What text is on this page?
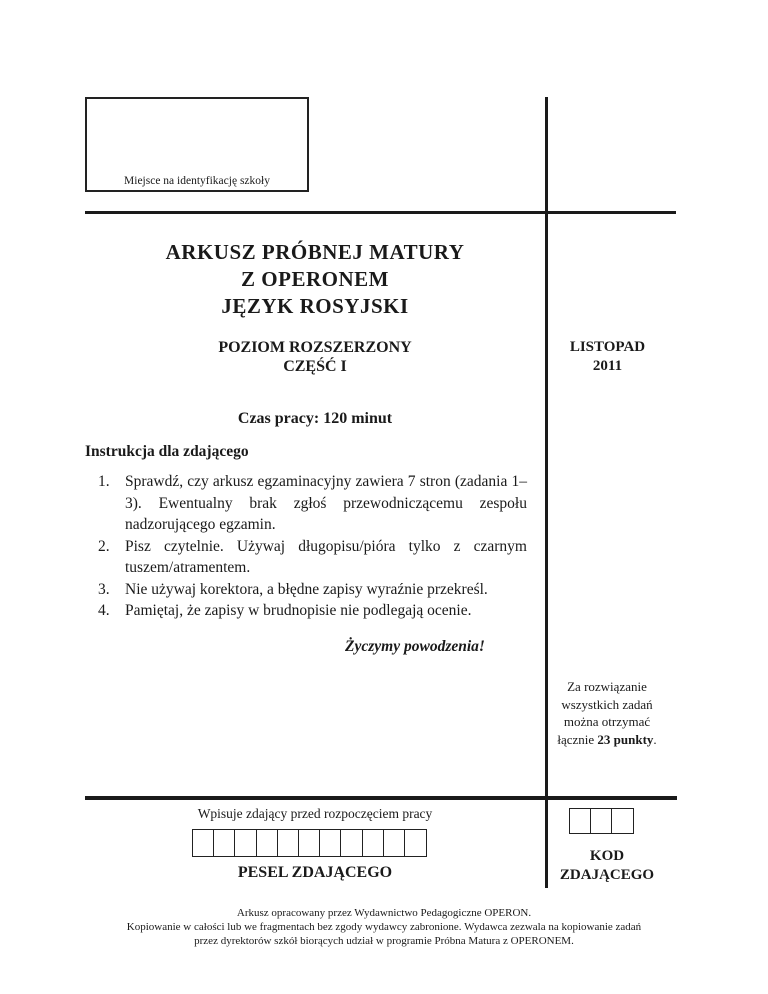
Miejsce na identyfikację szkoły
ARKUSZ PRÓBNEJ MATURY
Z OPERONEM
JĘZYK ROSYJSKI
POZIOM ROZSZERZONY
CZĘŚĆ I
LISTOPAD
2011
Czas pracy: 120 minut
Instrukcja dla zdającego
Sprawdź, czy arkusz egzaminacyjny zawiera 7 stron (zadania 1–3). Ewentualny brak zgłoś przewodniczącemu zespołu nadzorującego egzamin.
Pisz czytelnie. Używaj długopisu/pióra tylko z czarnym tuszem/atramentem.
Nie używaj korektora, a błędne zapisy wyraźnie przekreśl.
Pamiętaj, że zapisy w brudnopisie nie podlegają ocenie.
Życzymy powodzenia!
Za rozwiązanie
wszystkich zadań
można otrzymać
łącznie 23 punkty.
Wpisuje zdający przed rozpoczęciem pracy
PESEL ZDAJĄCEGO
KOD
ZDAJĄCEGO
Arkusz opracowany przez Wydawnictwo Pedagogiczne OPERON.
Kopiowanie w całości lub we fragmentach bez zgody wydawcy zabronione. Wydawca zezwala na kopiowanie zadań
przez dyrektorów szkół biorących udział w programie Próbna Matura z OPERONEM.
